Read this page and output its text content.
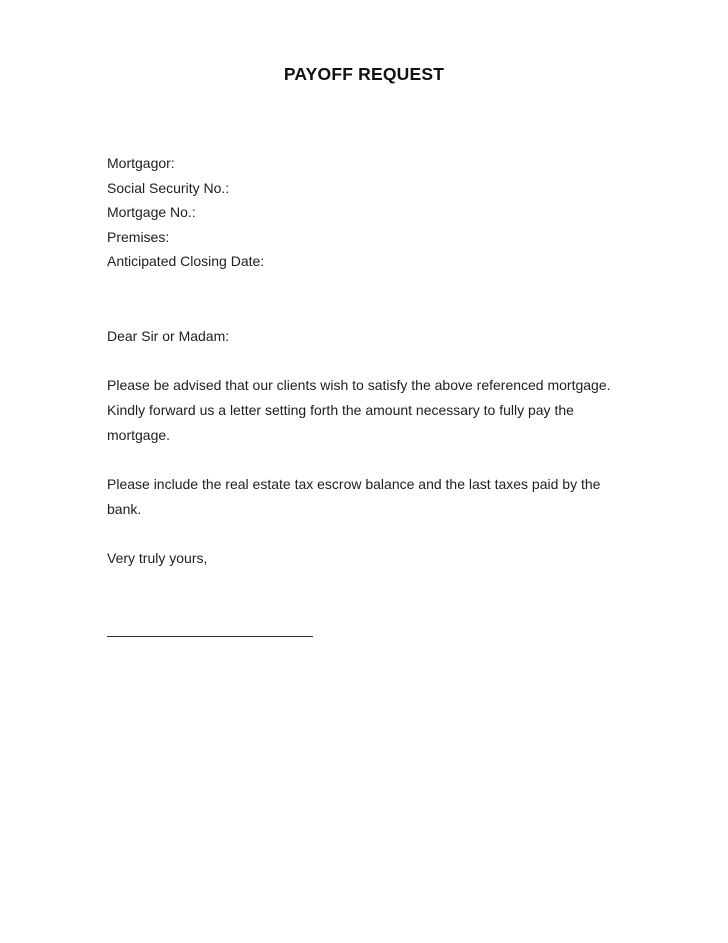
PAYOFF REQUEST
Mortgagor:
Social Security No.:
Mortgage No.:
Premises:
Anticipated Closing Date:
Dear Sir or Madam:
Please be advised that our clients wish to satisfy the above referenced mortgage.
Kindly forward us a letter setting forth the amount necessary to fully pay the
mortgage.
Please include the real estate tax escrow balance and the last taxes paid by the
bank.
Very truly yours,
